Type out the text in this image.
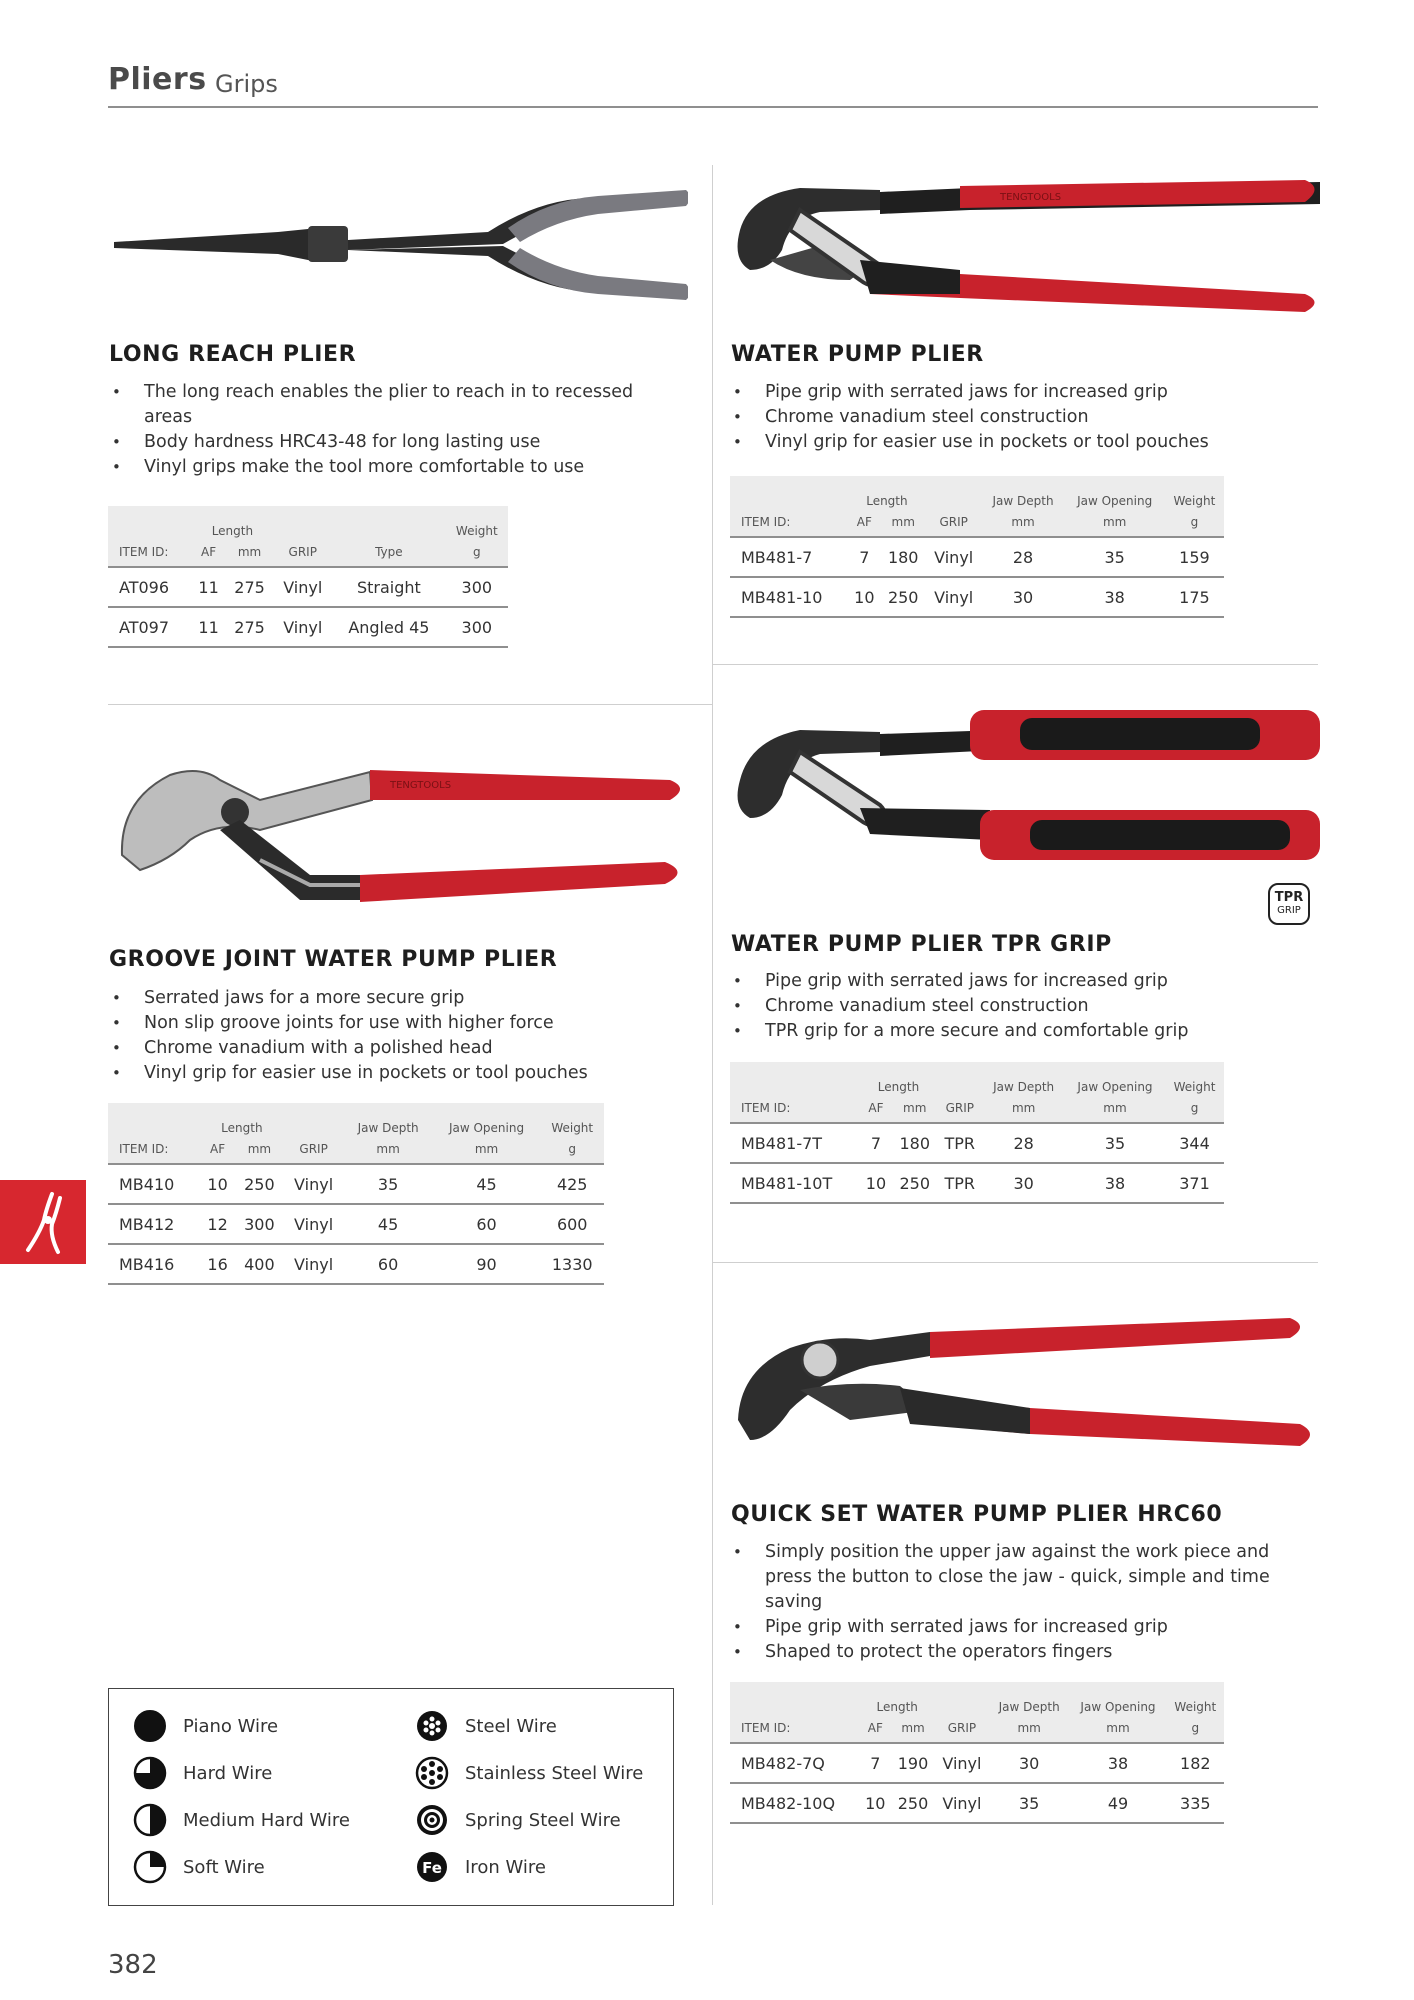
Pliers Grips
LONG REACH PLIER
• The long reach enables the plier to reach in to recessed areas
• Body hardness HRC43-48 for long lasting use
• Vinyl grips make the tool more comfortable to use
	Length				Weight
ITEM ID:	AF	mm	GRIP	Type	g
AT096	11	275	Vinyl	Straight	300
AT097	11	275	Vinyl	Angled 45	300
TENGTOOLS
WATER PUMP PLIER
• Pipe grip with serrated jaws for increased grip
• Chrome vanadium steel construction
• Vinyl grip for easier use in pockets or tool pouches
	Length			Jaw Depth	Jaw Opening	Weight
ITEM ID:	AF	mm	GRIP	mm	mm	g
MB481-7	7	180	Vinyl	28	35	159
MB481-10	10	250	Vinyl	30	38	175
TENGTOOLS
GROOVE JOINT WATER PUMP PLIER
• Serrated jaws for a more secure grip
• Non slip groove joints for use with higher force
• Chrome vanadium with a polished head
• Vinyl grip for easier use in pockets or tool pouches
	Length			Jaw Depth	Jaw Opening	Weight
ITEM ID:	AF	mm	GRIP	mm	mm	g
MB410	10	250	Vinyl	35	45	425
MB412	12	300	Vinyl	45	60	600
MB416	16	400	Vinyl	60	90	1330
TPR
GRIP
WATER PUMP PLIER TPR GRIP
• Pipe grip with serrated jaws for increased grip
• Chrome vanadium steel construction
• TPR grip for a more secure and comfortable grip
	Length			Jaw Depth	Jaw Opening	Weight
ITEM ID:	AF	mm	GRIP	mm	mm	g
MB481-7T	7	180	TPR	28	35	344
MB481-10T	10	250	TPR	30	38	371
QUICK SET WATER PUMP PLIER HRC60
• Simply position the upper jaw against the work piece and press the button to close the jaw - quick, simple and time saving
• Pipe grip with serrated jaws for increased grip
• Shaped to protect the operators fingers
	Length			Jaw Depth	Jaw Opening	Weight
ITEM ID:	AF	mm	GRIP	mm	mm	g
MB482-7Q	7	190	Vinyl	30	38	182
MB482-10Q	10	250	Vinyl	35	49	335
Piano Wire
Hard Wire
Medium Hard Wire
Soft Wire
Steel Wire
Stainless Steel Wire
Spring Steel Wire
Fe Iron Wire
382
